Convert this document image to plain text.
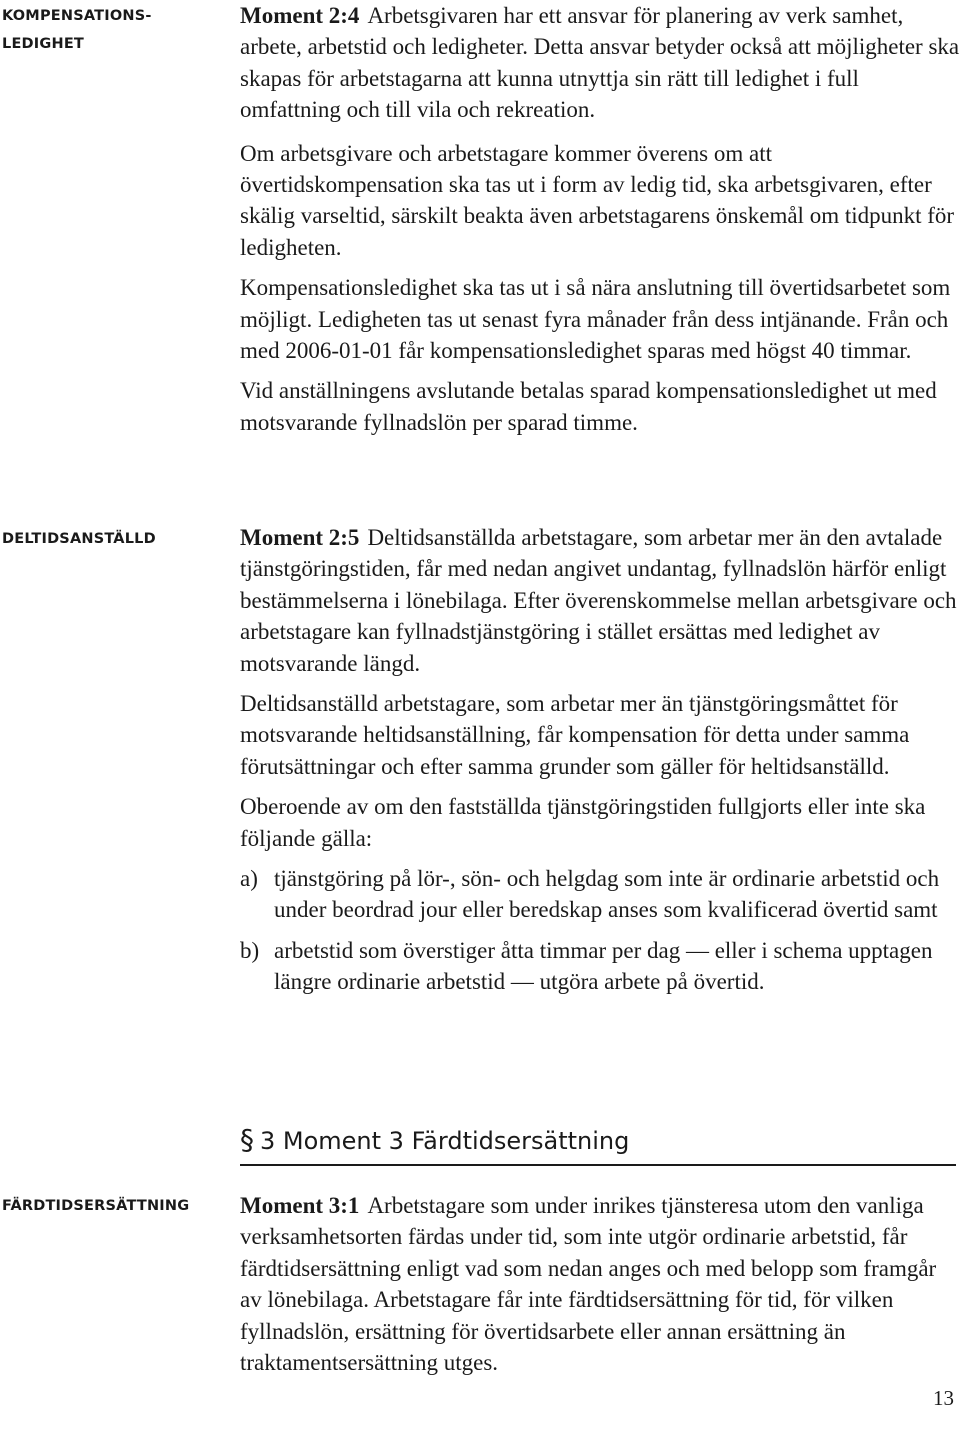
KOMPENSATIONS-
LEDIGHET
DELTIDSANSTÄLLD
FÄRDTIDSERSÄTTNING

Moment 2:4 Arbetsgivaren har ett ansvar för planering av verk samhet, arbete, arbetstid och ledigheter. Detta ansvar betyder också att möjligheter ska skapas för arbetstagarna att kunna utnyttja sin rätt till ledighet i full omfattning och till vila och rekreation.

Om arbetsgivare och arbetstagare kommer överens om att övertidskompensation ska tas ut i form av ledig tid, ska arbetsgivaren, efter skälig varseltid, särskilt beakta även arbetstagarens önskemål om tidpunkt för ledigheten.

Kompensationsledighet ska tas ut i så nära anslutning till övertidsarbetet som möjligt. Ledigheten tas ut senast fyra månader från dess intjänande. Från och med 2006-01-01 får kompensationsledighet sparas med högst 40 timmar.

Vid anställningens avslutande betalas sparad kompensationsledighet ut med motsvarande fyllnadslön per sparad timme.

Moment 2:5 Deltidsanställda arbetstagare, som arbetar mer än den avtalade tjänstgöringstiden, får med nedan angivet undantag, fyllnadslön härför enligt bestämmelserna i lönebilaga. Efter överenskommelse mellan arbetsgivare och arbetstagare kan fyllnadstjänstgöring i stället ersättas med ledighet av motsvarande längd.

Deltidsanställd arbetstagare, som arbetar mer än tjänstgöringsmåttet för motsvarande heltidsanställning, får kompensation för detta under samma förutsättningar och efter samma grunder som gäller för heltidsanställd.

Oberoende av om den fastställda tjänstgöringstiden fullgjorts eller inte ska följande gälla:

a) tjänstgöring på lör-, sön- och helgdag som inte är ordinarie arbetstid och under beordrad jour eller beredskap anses som kvalificerad övertid samt
b) arbetstid som överstiger åtta timmar per dag — eller i schema upptagen längre ordinarie arbetstid — utgöra arbete på övertid.
§ 3 Moment 3 Färdtidsersättning

Moment 3:1 Arbetstagare som under inrikes tjänsteresa utom den vanliga verksamhetsorten färdas under tid, som inte utgör ordinarie arbetstid, får färdtidsersättning enligt vad som nedan anges och med belopp som framgår av lönebilaga. Arbetstagare får inte färdtidsersättning för tid, för vilken fyllnadslön, ersättning för övertidsarbete eller annan ersättning än traktamentsersättning utges.

13
